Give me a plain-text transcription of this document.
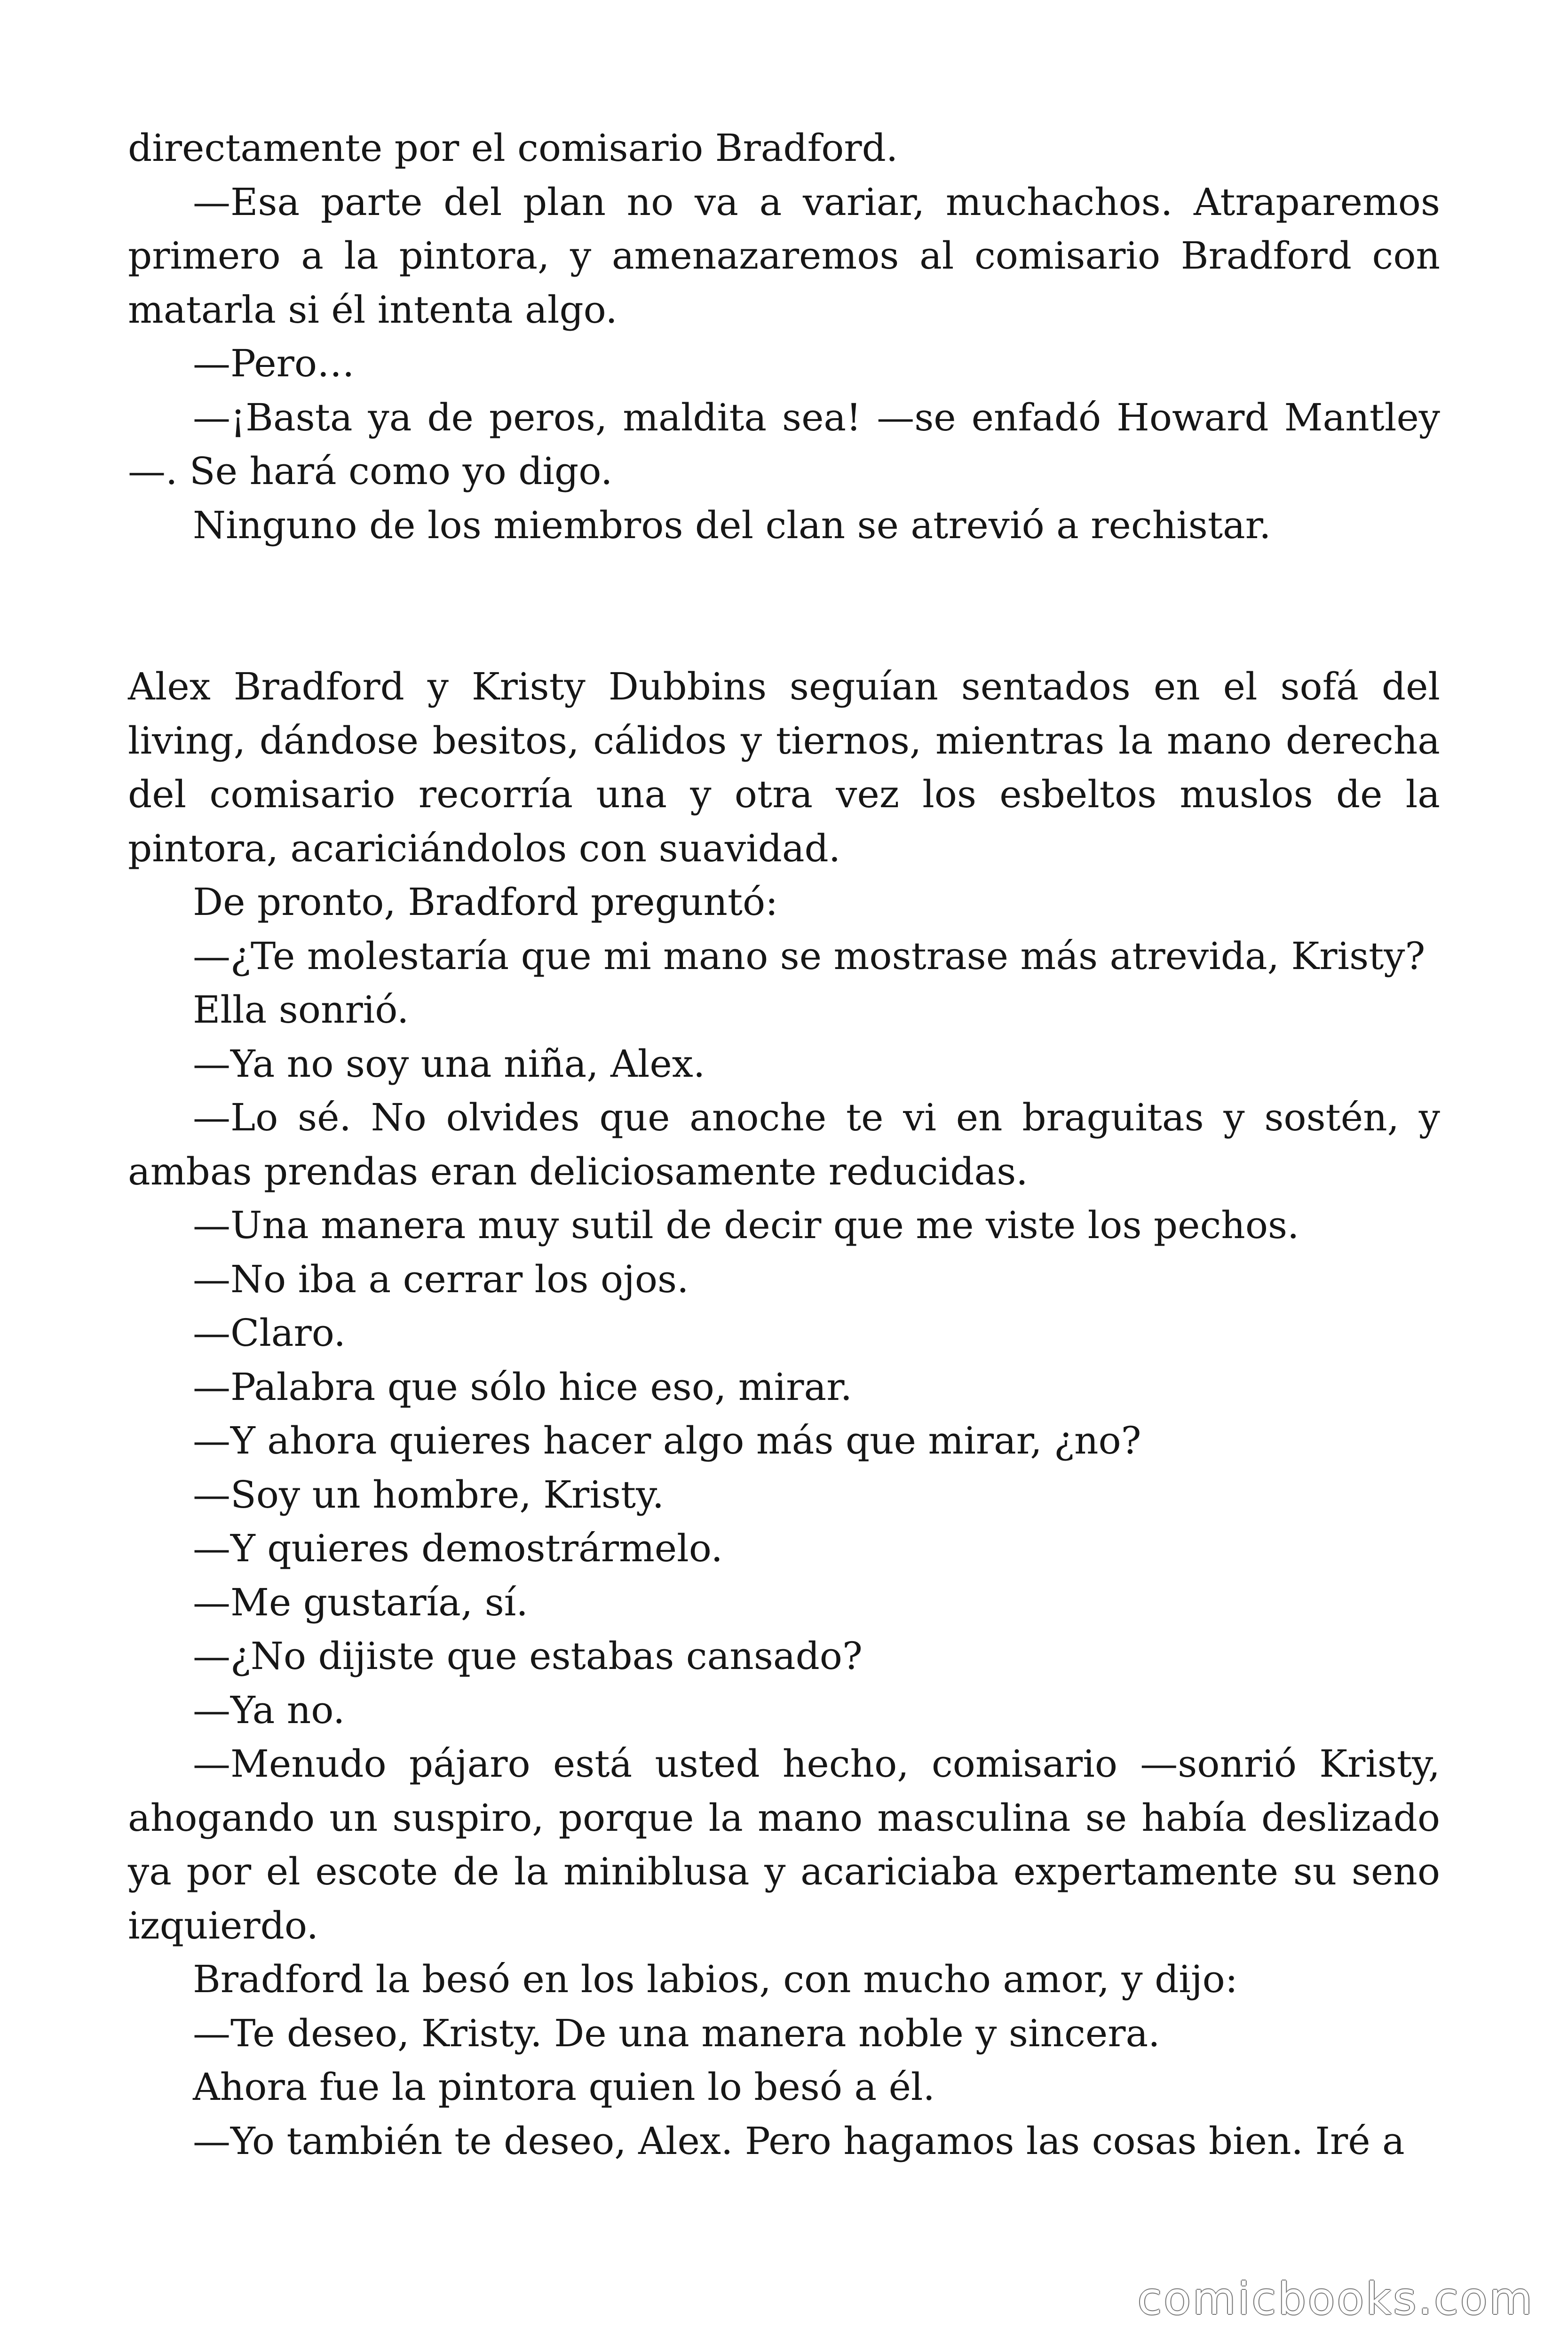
directamente por el comisario Bradford.

—Esa parte del plan no va a variar, muchachos. Atraparemos primero a la pintora, y amenazaremos al comisario Bradford con matarla si él intenta algo.

—Pero…

—¡Basta ya de peros, maldita sea! —se enfadó Howard Mantley —. Se hará como yo digo.

Ninguno de los miembros del clan se atrevió a rechistar.

Alex Bradford y Kristy Dubbins seguían sentados en el sofá del living, dándose besitos, cálidos y tiernos, mientras la mano derecha del comisario recorría una y otra vez los esbeltos muslos de la pintora, acariciándolos con suavidad.

De pronto, Bradford preguntó:

—¿Te molestaría que mi mano se mostrase más atrevida, Kristy?

Ella sonrió.

—Ya no soy una niña, Alex.

—Lo sé. No olvides que anoche te vi en braguitas y sostén, y ambas prendas eran deliciosamente reducidas.

—Una manera muy sutil de decir que me viste los pechos.

—No iba a cerrar los ojos.

—Claro.

—Palabra que sólo hice eso, mirar.

—Y ahora quieres hacer algo más que mirar, ¿no?

—Soy un hombre, Kristy.

—Y quieres demostrármelo.

—Me gustaría, sí.

—¿No dijiste que estabas cansado?

—Ya no.

—Menudo pájaro está usted hecho, comisario —sonrió Kristy, ahogando un suspiro, porque la mano masculina se había deslizado ya por el escote de la miniblusa y acariciaba expertamente su seno izquierdo.

Bradford la besó en los labios, con mucho amor, y dijo:

—Te deseo, Kristy. De una manera noble y sincera.

Ahora fue la pintora quien lo besó a él.

—Yo también te deseo, Alex. Pero hagamos las cosas bien. Iré a

comicbooks.com
